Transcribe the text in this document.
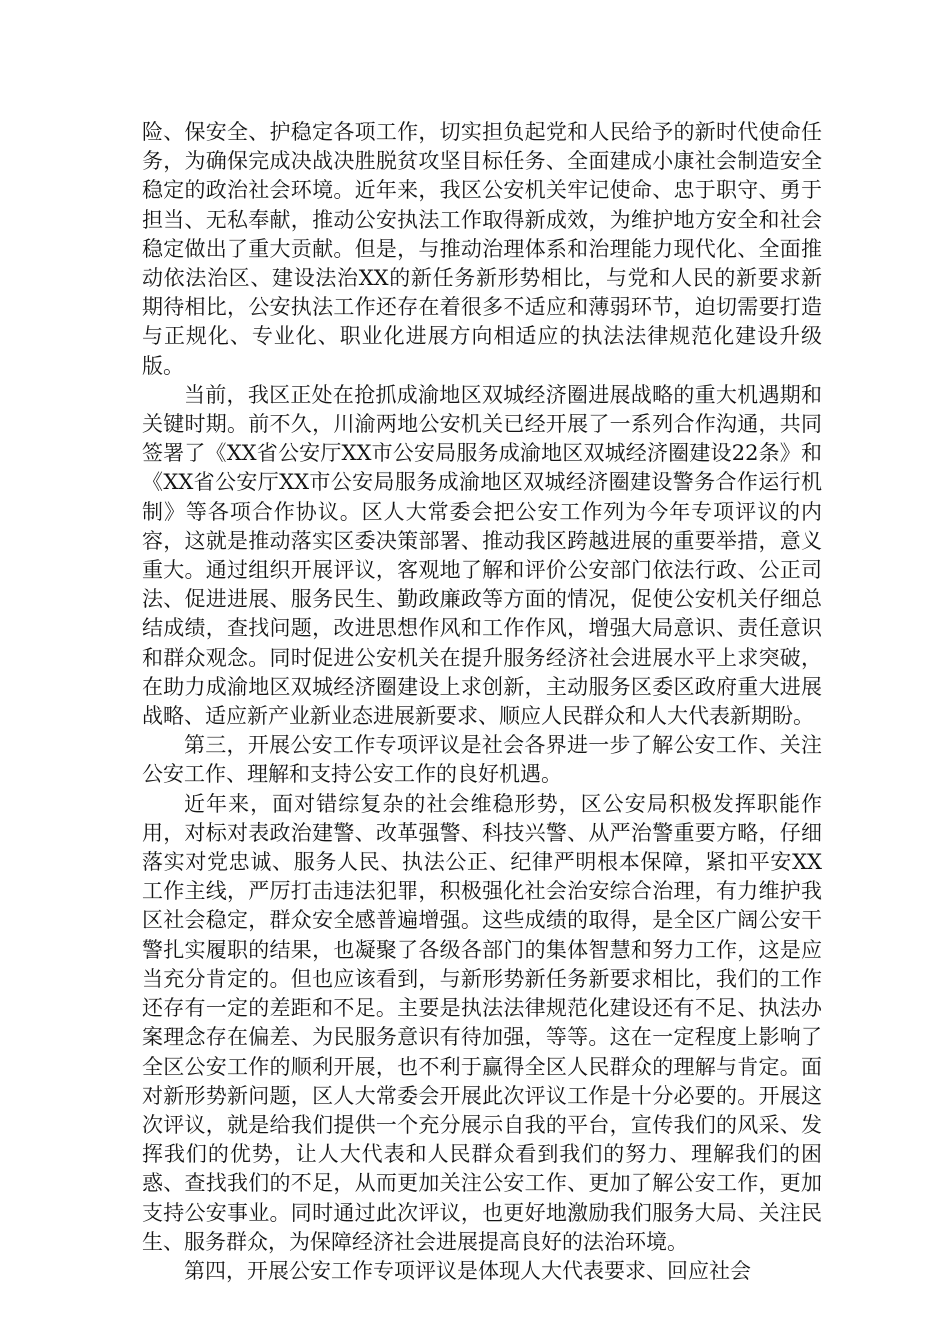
险、保安全、护稳定各项工作，切实担负起党和人民给予的新时代使命任务，为确保完成决战决胜脱贫攻坚目标任务、全面建成小康社会制造安全稳定的政治社会环境。近年来，我区公安机关牢记使命、忠于职守、勇于担当、无私奉献，推动公安执法工作取得新成效，为维护地方安全和社会稳定做出了重大贡献。但是，与推动治理体系和治理能力现代化、全面推动依法治区、建设法治XX的新任务新形势相比，与党和人民的新要求新期待相比，公安执法工作还存在着很多不适应和薄弱环节，迫切需要打造与正规化、专业化、职业化进展方向相适应的执法法律规范化建设升级版。

当前，我区正处在抢抓成渝地区双城经济圈进展战略的重大机遇期和关键时期。前不久，川渝两地公安机关已经开展了一系列合作沟通，共同签署了《XX省公安厅XX市公安局服务成渝地区双城经济圈建设22条》和《XX省公安厅XX市公安局服务成渝地区双城经济圈建设警务合作运行机制》等各项合作协议。区人大常委会把公安工作列为今年专项评议的内容，这就是推动落实区委决策部署、推动我区跨越进展的重要举措，意义重大。通过组织开展评议，客观地了解和评价公安部门依法行政、公正司法、促进进展、服务民生、勤政廉政等方面的情况，促使公安机关仔细总结成绩，查找问题，改进思想作风和工作作风，增强大局意识、责任意识和群众观念。同时促进公安机关在提升服务经济社会进展水平上求突破，在助力成渝地区双城经济圈建设上求创新，主动服务区委区政府重大进展战略、适应新产业新业态进展新要求、顺应人民群众和人大代表新期盼。

第三，开展公安工作专项评议是社会各界进一步了解公安工作、关注公安工作、理解和支持公安工作的良好机遇。

近年来，面对错综复杂的社会维稳形势，区公安局积极发挥职能作用，对标对表政治建警、改革强警、科技兴警、从严治警重要方略，仔细落实对党忠诚、服务人民、执法公正、纪律严明根本保障，紧扣平安XX工作主线，严厉打击违法犯罪，积极强化社会治安综合治理，有力维护我区社会稳定，群众安全感普遍增强。这些成绩的取得，是全区广阔公安干警扎实履职的结果，也凝聚了各级各部门的集体智慧和努力工作，这是应当充分肯定的。但也应该看到，与新形势新任务新要求相比，我们的工作还存有一定的差距和不足。主要是执法法律规范化建设还有不足、执法办案理念存在偏差、为民服务意识有待加强，等等。这在一定程度上影响了全区公安工作的顺利开展，也不利于赢得全区人民群众的理解与肯定。面对新形势新问题，区人大常委会开展此次评议工作是十分必要的。开展这次评议，就是给我们提供一个充分展示自我的平台，宣传我们的风采、发挥我们的优势，让人大代表和人民群众看到我们的努力、理解我们的困惑、查找我们的不足，从而更加关注公安工作、更加了解公安工作，更加支持公安事业。同时通过此次评议，也更好地激励我们服务大局、关注民生、服务群众，为保障经济社会进展提高良好的法治环境。

第四，开展公安工作专项评议是体现人大代表要求、回应社会
